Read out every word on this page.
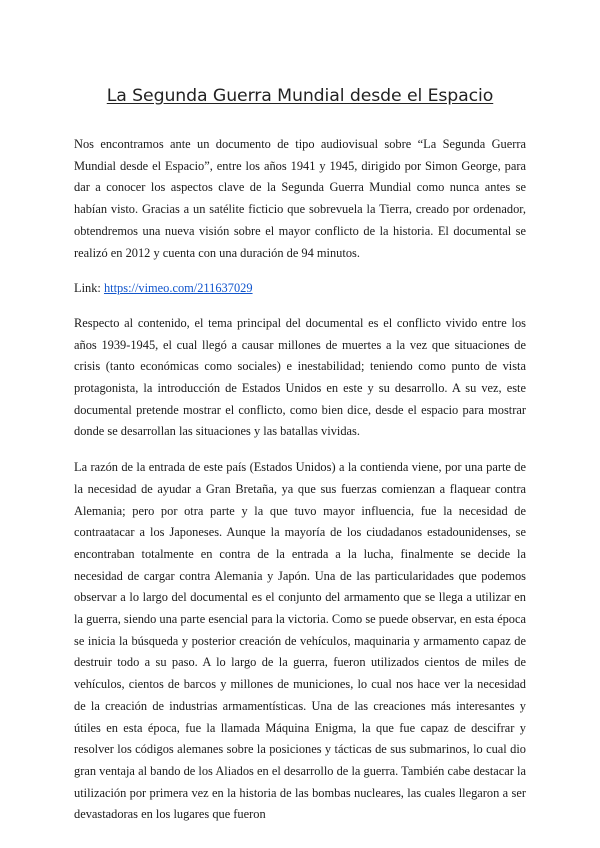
La Segunda Guerra Mundial desde el Espacio

Nos encontramos ante un documento de tipo audiovisual sobre “La Segunda Guerra Mundial desde el Espacio”, entre los años 1941 y 1945, dirigido por Simon George, para dar a conocer los aspectos clave de la Segunda Guerra Mundial como nunca antes se habían visto. Gracias a un satélite ficticio que sobrevuela la Tierra, creado por ordenador, obtendremos una nueva visión sobre el mayor conflicto de la historia. El documental se realizó en 2012 y cuenta con una duración de 94 minutos.

Link: https://vimeo.com/211637029

Respecto al contenido, el tema principal del documental es el conflicto vivido entre los años 1939-1945, el cual llegó a causar millones de muertes a la vez que situaciones de crisis (tanto económicas como sociales) e inestabilidad; teniendo como punto de vista protagonista, la introducción de Estados Unidos en este y su desarrollo. A su vez, este documental pretende mostrar el conflicto, como bien dice, desde el espacio para mostrar donde se desarrollan las situaciones y las batallas vividas.

La razón de la entrada de este país (Estados Unidos) a la contienda viene, por una parte de la necesidad de ayudar a Gran Bretaña, ya que sus fuerzas comienzan a flaquear contra Alemania; pero por otra parte y la que tuvo mayor influencia, fue la necesidad de contraatacar a los Japoneses. Aunque la mayoría de los ciudadanos estadounidenses, se encontraban totalmente en contra de la entrada a la lucha, finalmente se decide la necesidad de cargar contra Alemania y Japón. Una de las particularidades que podemos observar a lo largo del documental es el conjunto del armamento que se llega a utilizar en la guerra, siendo una parte esencial para la victoria. Como se puede observar, en esta época se inicia la búsqueda y posterior creación de vehículos, maquinaria y armamento capaz de destruir todo a su paso. A lo largo de la guerra, fueron utilizados cientos de miles de vehículos, cientos de barcos y millones de municiones, lo cual nos hace ver la necesidad de la creación de industrias armamentísticas. Una de las creaciones más interesantes y útiles en esta época, fue la llamada Máquina Enigma, la que fue capaz de descifrar y resolver los códigos alemanes sobre la posiciones y tácticas de sus submarinos, lo cual dio gran ventaja al bando de los Aliados en el desarrollo de la guerra. También cabe destacar la utilización por primera vez en la historia de las bombas nucleares, las cuales llegaron a ser devastadoras en los lugares que fueron
